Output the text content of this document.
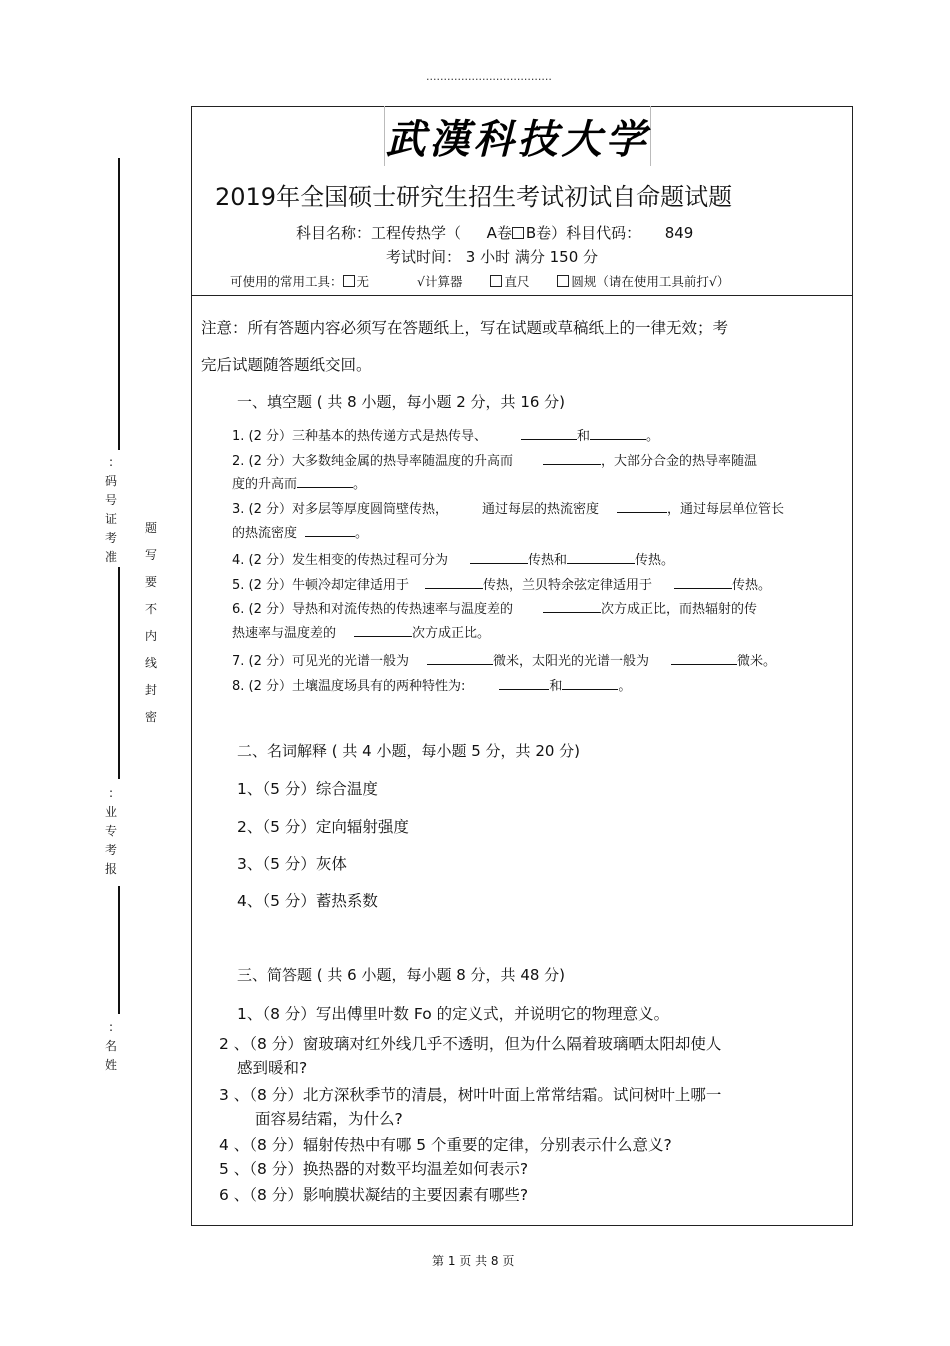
....................................
:
码
号
证
考
准
题
写
要
不
内
线
封
密
:
业
专
考
报
:
名
姓
武漢科技大学
2019年全国硕士研究生招生考试初试自命题试题
科目名称：工程传热学（ A卷 B卷）科目代码： 849
考试时间： 3 小时 满分 150 分
可使用的常用工具： 无	√计算器	直尺	圆规（请在使用工具前打√）
注意：所有答题内容必须写在答题纸上，写在试题或草稿纸上的一律无效；考
完后试题随答题纸交回。
一、填空题 ( 共 8 小题，每小题 2 分，共 16 分)
1. (2 分）三种基本的热传递方式是热传导、	和	。
2. (2 分）大多数纯金属的热导率随温度的升高而	，大部分合金的热导率随温
度的升高而	。
3. (2 分）对多层等厚度圆筒壁传热，	通过每层的热流密度	，通过每层单位管长
的热流密度	。
4. (2 分）发生相变的传热过程可分为	传热和	传热。
5. (2 分）牛顿冷却定律适用于	传热，兰贝特余弦定律适用于	传热。
6. (2 分）导热和对流传热的传热速率与温度差的	次方成正比，而热辐射的传
热速率与温度差的	次方成正比。
7. (2 分）可见光的光谱一般为	微米，太阳光的光谱一般为	微米。
8. (2 分）土壤温度场具有的两种特性为:	和	。
二、名词解释 ( 共 4 小题，每小题 5 分，共 20 分)
1、（5 分）综合温度
2、（5 分）定向辐射强度
3、（5 分）灰体
4、（5 分）蓄热系数
三、简答题 ( 共 6 小题，每小题 8 分，共 48 分)
1、（8 分）写出傅里叶数 Fo 的定义式，并说明它的物理意义。
2 、（8 分）窗玻璃对红外线几乎不透明，但为什么隔着玻璃晒太阳却使人
感到暖和?
3 、（8 分）北方深秋季节的清晨，树叶叶面上常常结霜。试问树叶上哪一
面容易结霜，为什么?
4 、（8 分）辐射传热中有哪 5 个重要的定律，分别表示什么意义?
5 、（8 分）换热器的对数平均温差如何表示?
6 、（8 分）影响膜状凝结的主要因素有哪些?
第 1 页 共 8 页
